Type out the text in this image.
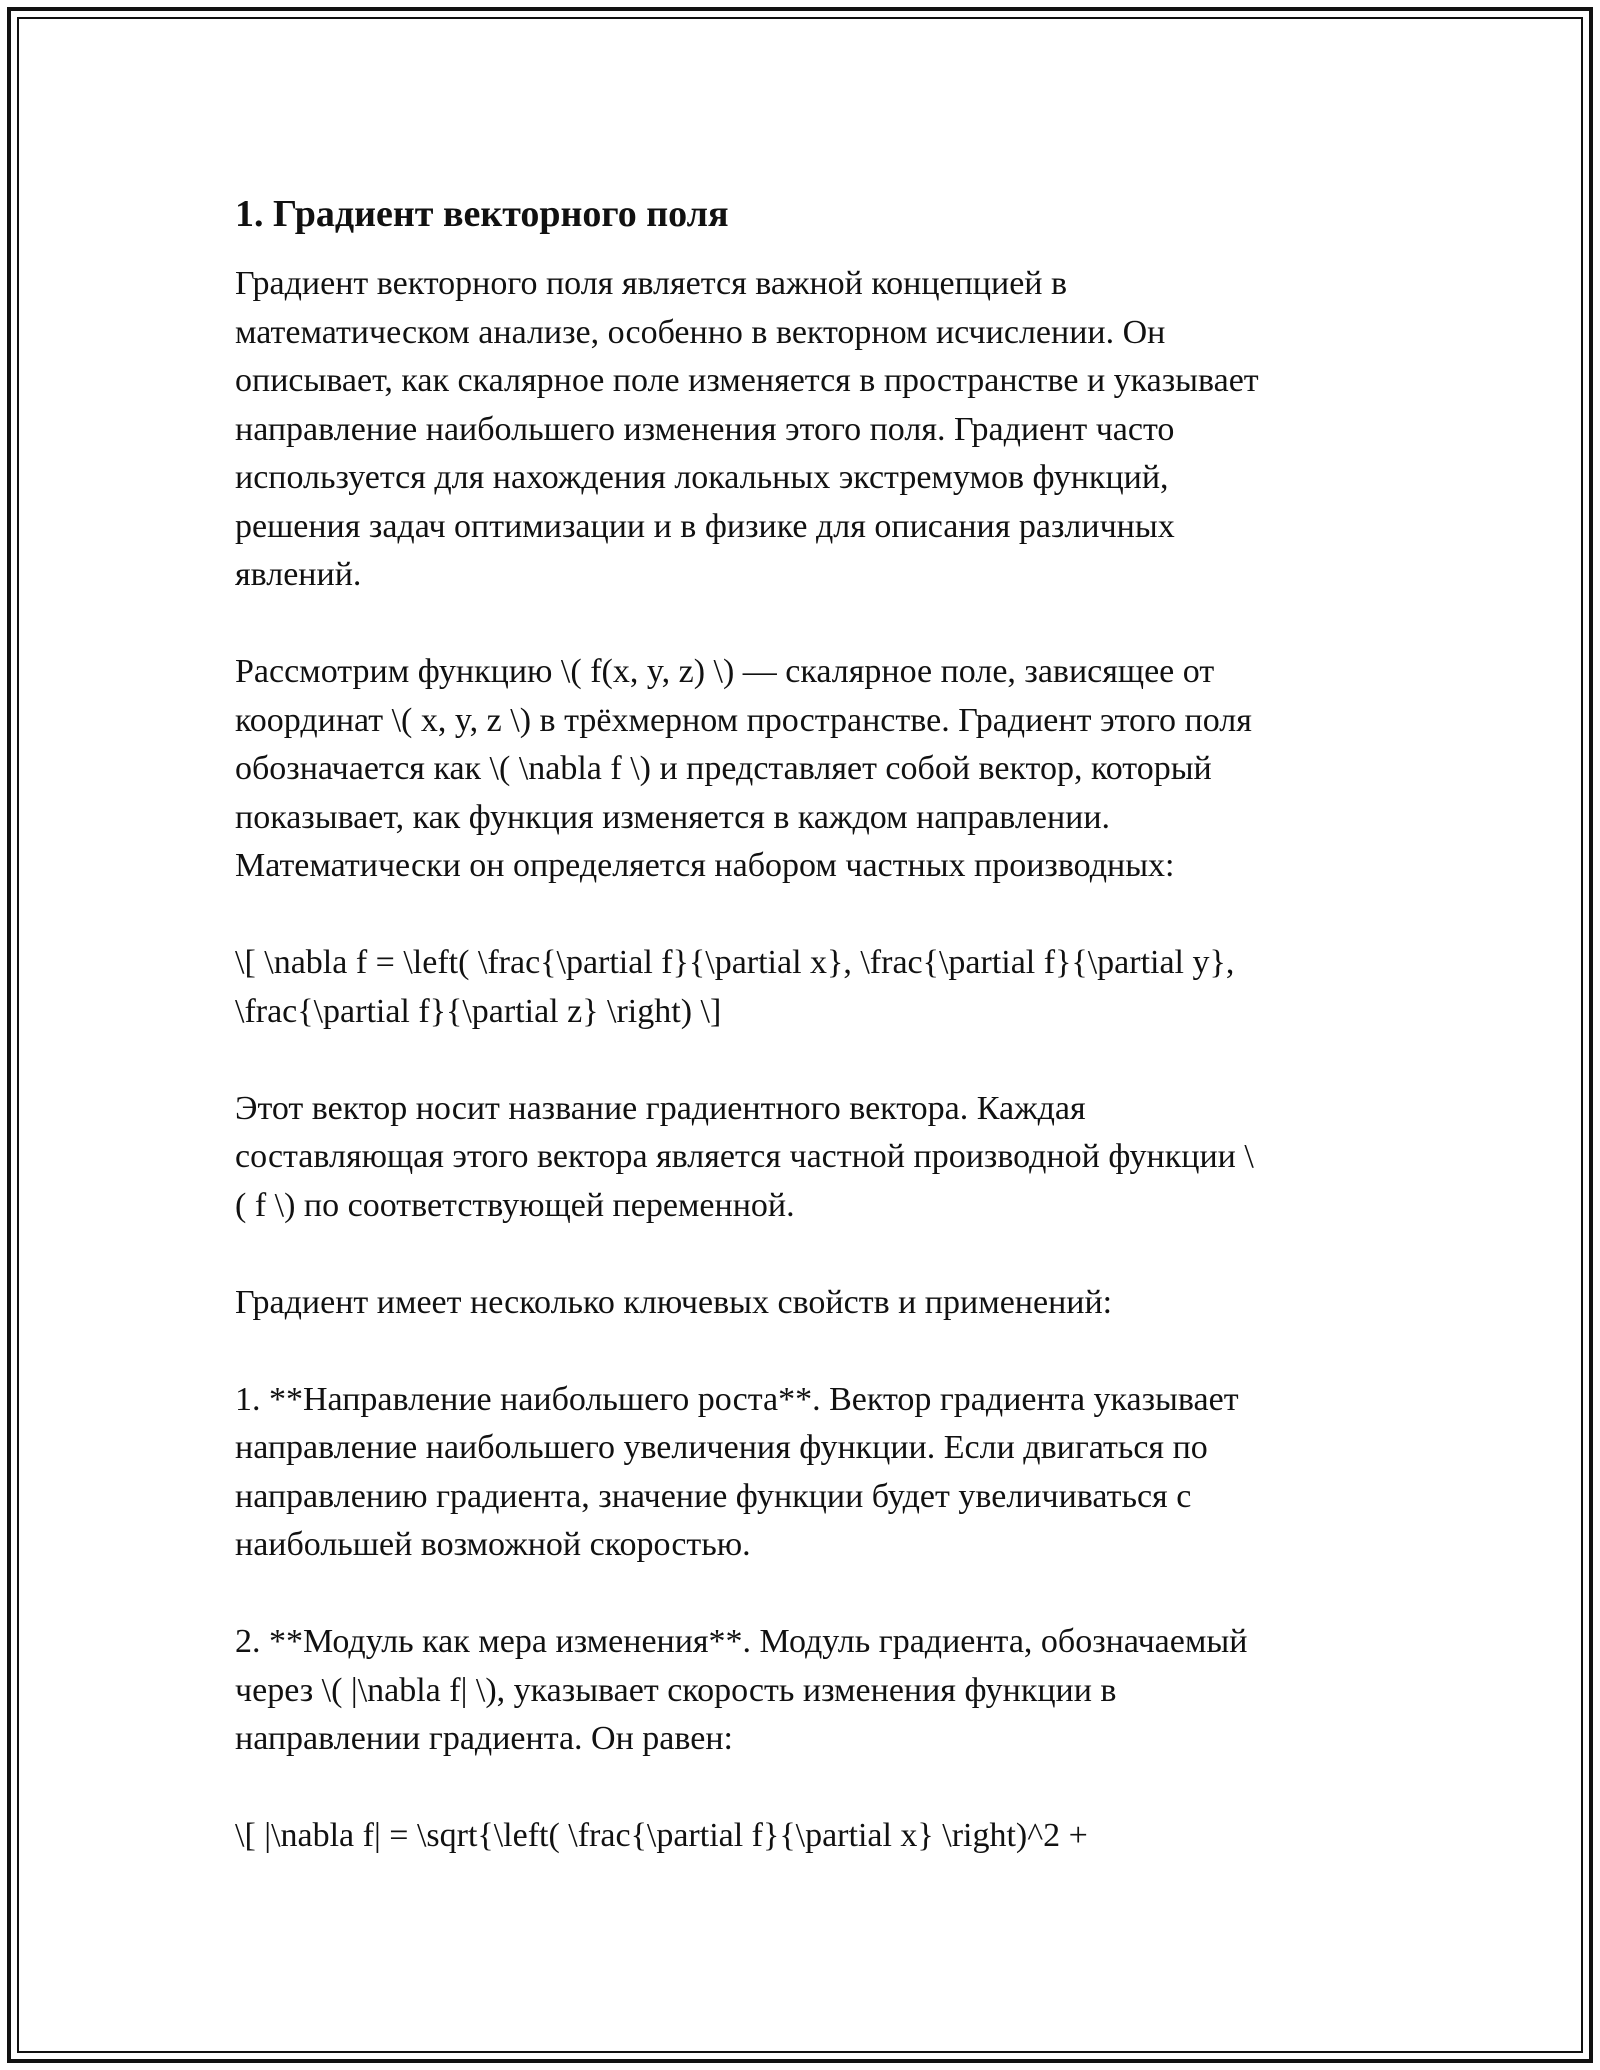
1. Градиент векторного поля

Градиент векторного поля является важной концепцией в
математическом анализе, особенно в векторном исчислении. Он
описывает, как скалярное поле изменяется в пространстве и указывает
направление наибольшего изменения этого поля. Градиент часто
используется для нахождения локальных экстремумов функций,
решения задач оптимизации и в физике для описания различных
явлений.

Рассмотрим функцию \( f(x, y, z) \) — скалярное поле, зависящее от
координат \( x, y, z \) в трёхмерном пространстве. Градиент этого поля
обозначается как \( \nabla f \) и представляет собой вектор, который
показывает, как функция изменяется в каждом направлении.
Математически он определяется набором частных производных:

\[ \nabla f = \left( \frac{\partial f}{\partial x}, \frac{\partial f}{\partial y},
\frac{\partial f}{\partial z} \right) \]

Этот вектор носит название градиентного вектора. Каждая
составляющая этого вектора является частной производной функции \
( f \) по соответствующей переменной.

Градиент имеет несколько ключевых свойств и применений:

1. **Направление наибольшего роста**. Вектор градиента указывает
направление наибольшего увеличения функции. Если двигаться по
направлению градиента, значение функции будет увеличиваться с
наибольшей возможной скоростью.

2. **Модуль как мера изменения**. Модуль градиента, обозначаемый
через \( |\nabla f| \), указывает скорость изменения функции в
направлении градиента. Он равен:

\[ |\nabla f| = \sqrt{\left( \frac{\partial f}{\partial x} \right)^2 +
